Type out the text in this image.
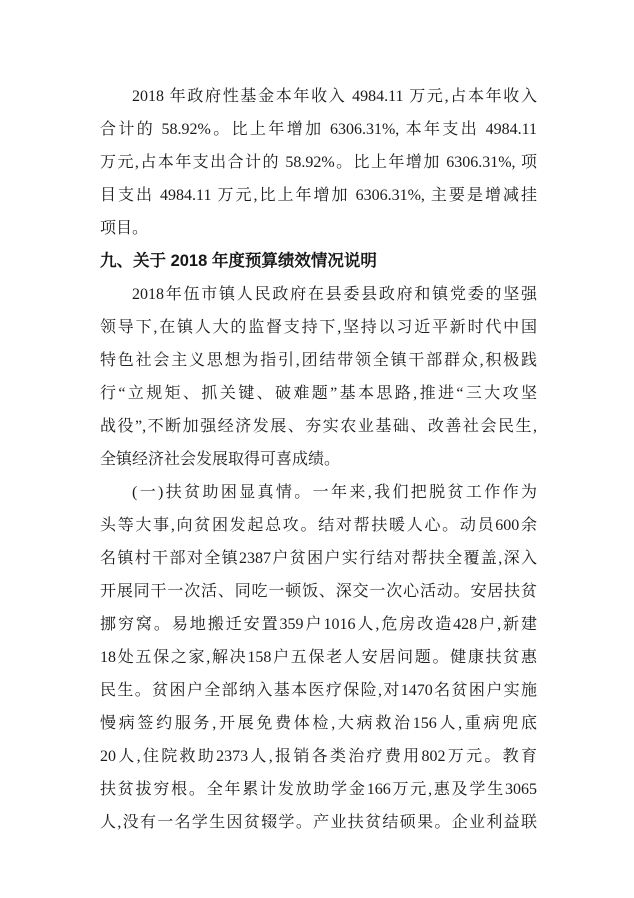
2018 年政府性基金本年收入 4984.11 万元,占本年收入
合计的 58.92%。比上年增加 6306.31%, 本年支出 4984.11
万元,占本年支出合计的 58.92%。比上年增加 6306.31%, 项
目支出 4984.11 万元,比上年增加 6306.31%, 主要是增减挂
项目。

九、关于 2018 年度预算绩效情况说明

2018年伍市镇人民政府在县委县政府和镇党委的坚强
领导下,在镇人大的监督支持下,坚持以习近平新时代中国
特色社会主义思想为指引,团结带领全镇干部群众,积极践
行“立规矩、抓关键、破难题”基本思路,推进“三大攻坚
战役”,不断加强经济发展、夯实农业基础、改善社会民生,
全镇经济社会发展取得可喜成绩。

(一)扶贫助困显真情。一年来,我们把脱贫工作作为
头等大事,向贫困发起总攻。结对帮扶暖人心。动员600余
名镇村干部对全镇2387户贫困户实行结对帮扶全覆盖,深入
开展同干一次活、同吃一顿饭、深交一次心活动。安居扶贫
挪穷窝。易地搬迁安置359户1016人,危房改造428户,新建
18处五保之家,解决158户五保老人安居问题。健康扶贫惠
民生。贫困户全部纳入基本医疗保险,对1470名贫困户实施
慢病签约服务,开展免费体检,大病救治156人,重病兜底
20人,住院救助2373人,报销各类治疗费用802万元。教育
扶贫拔穷根。全年累计发放助学金166万元,惠及学生3065
人,没有一名学生因贫辍学。产业扶贫结硕果。企业利益联
